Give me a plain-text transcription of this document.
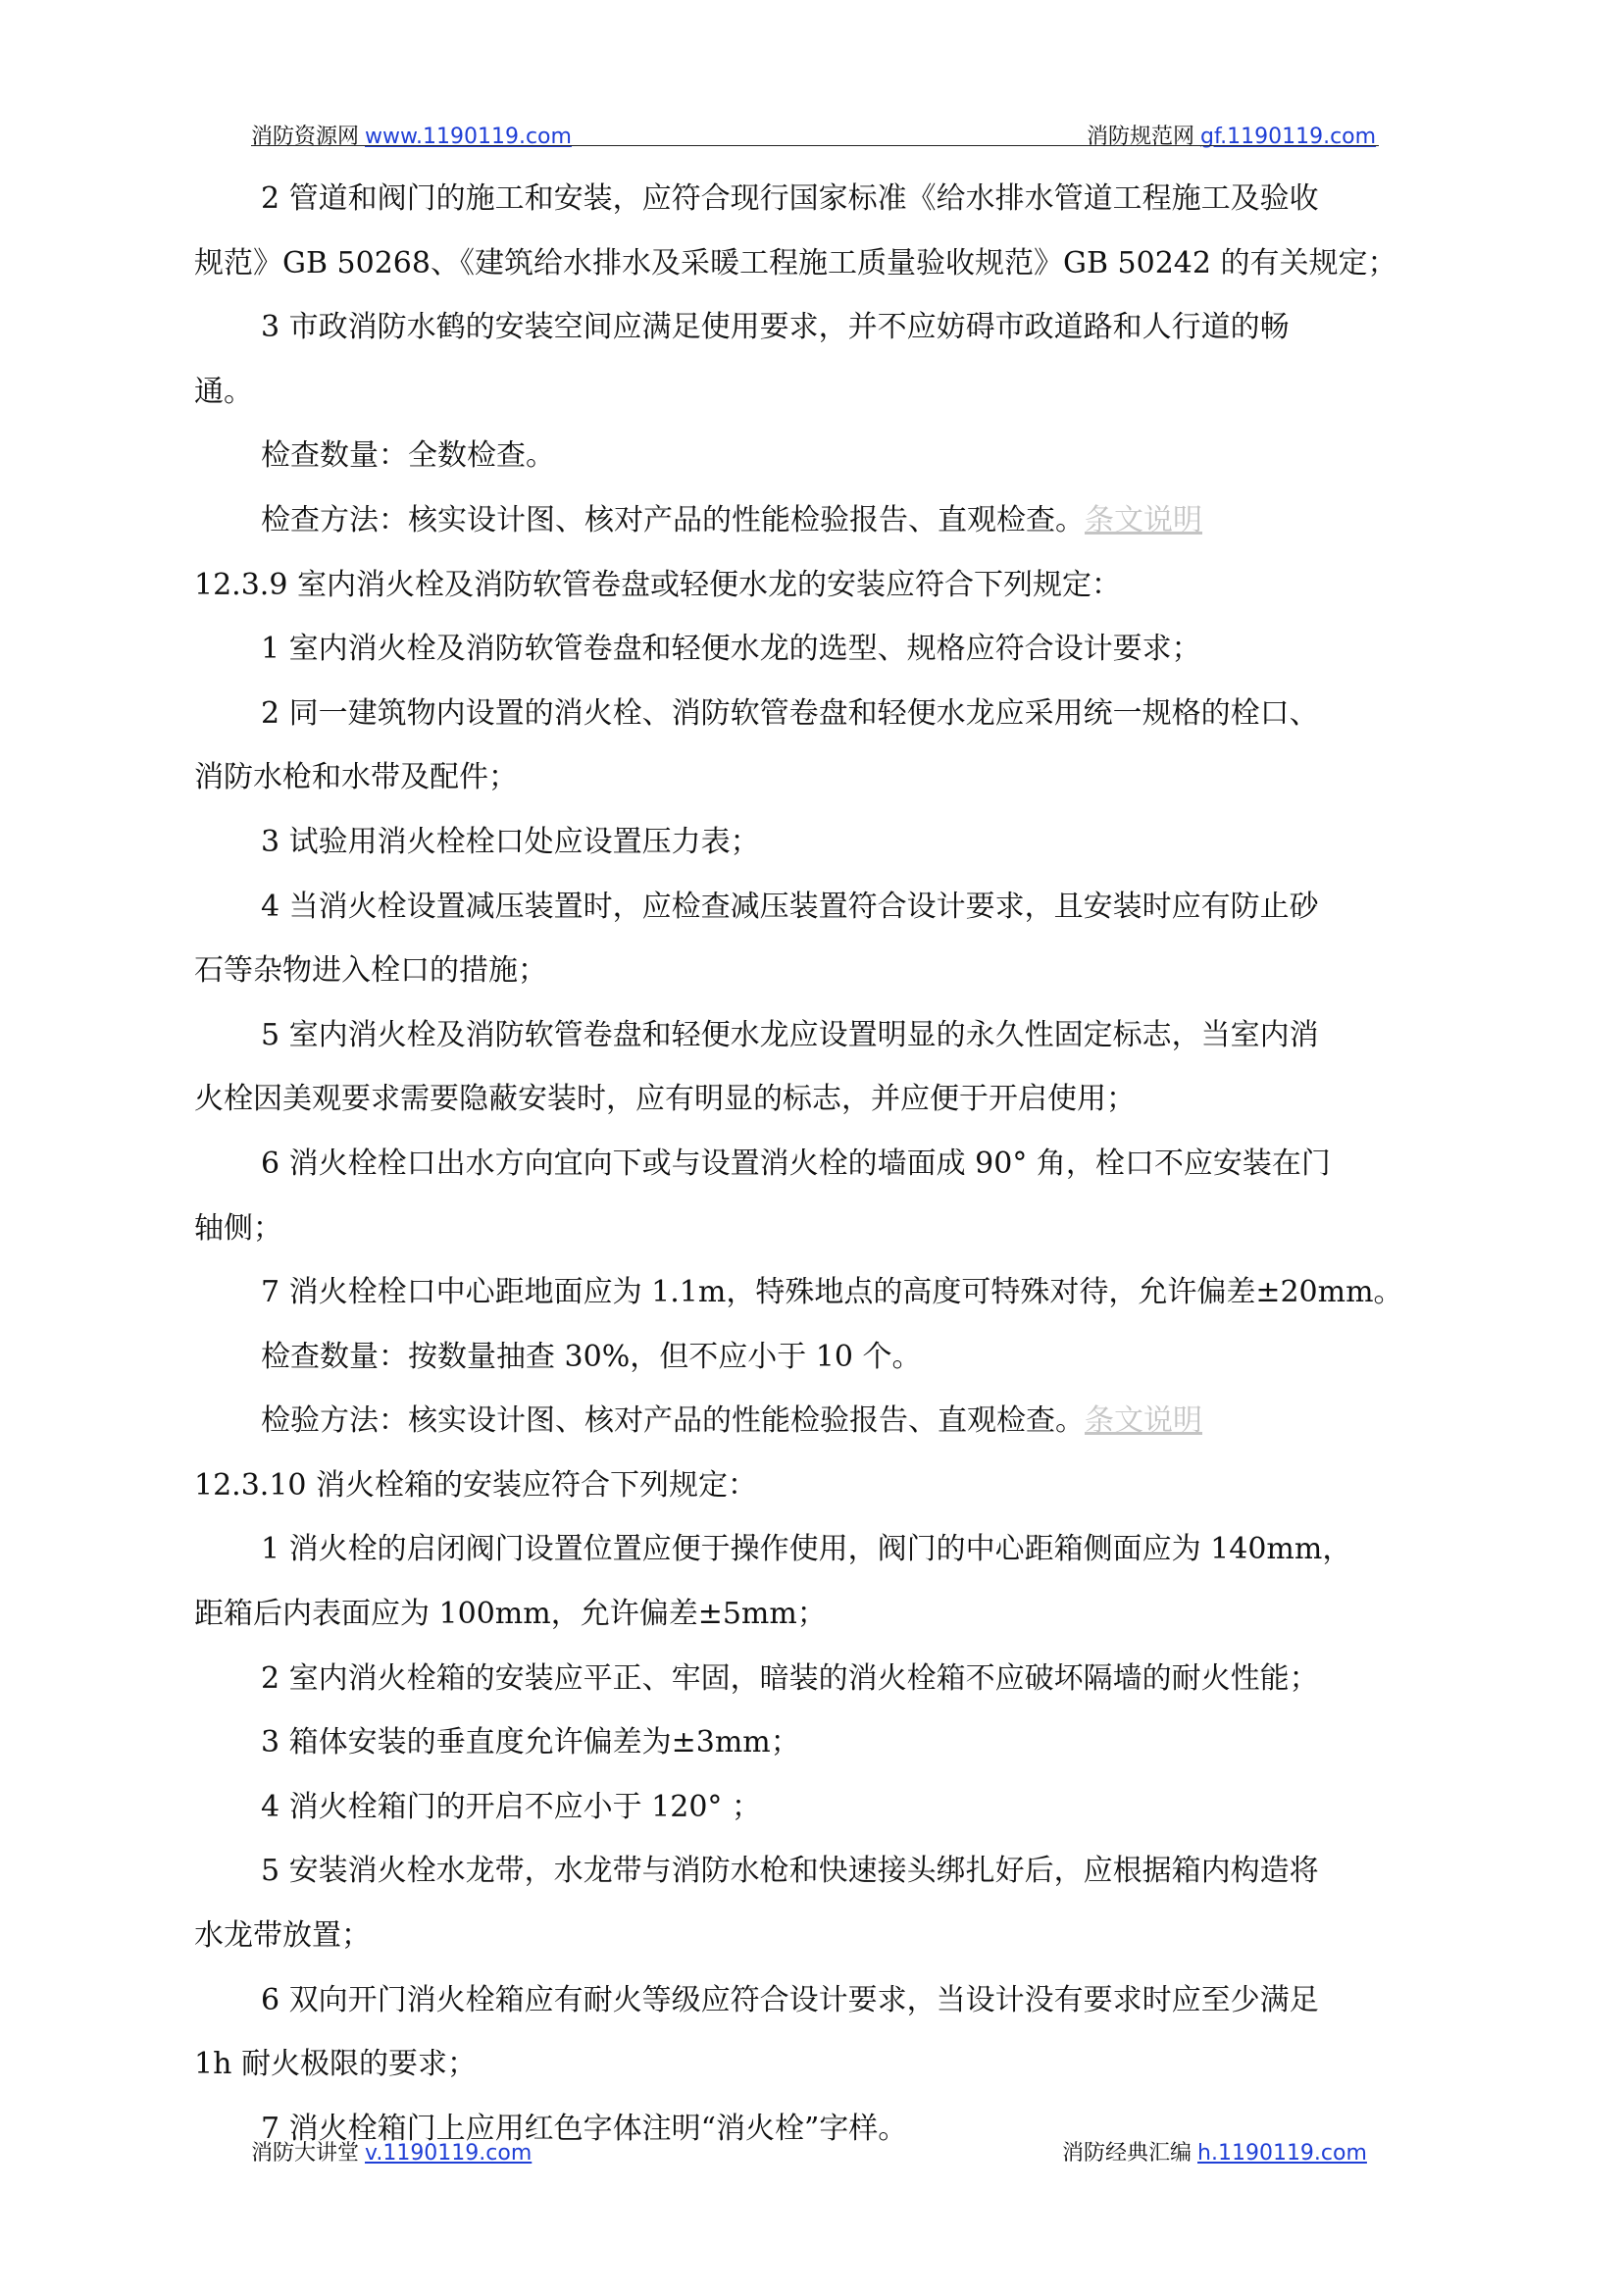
消防资源网 www.1190119.com	消防规范网 gf.1190119.com
2 管道和阀门的施工和安装，应符合现行国家标准《给水排水管道工程施工及验收
规范》GB 50268、《建筑给水排水及采暖工程施工质量验收规范》GB 50242 的有关规定；
3 市政消防水鹤的安装空间应满足使用要求，并不应妨碍市政道路和人行道的畅
通。
检查数量：全数检查。
检查方法：核实设计图、核对产品的性能检验报告、直观检查。条文说明
12.3.9 室内消火栓及消防软管卷盘或轻便水龙的安装应符合下列规定：
1 室内消火栓及消防软管卷盘和轻便水龙的选型、规格应符合设计要求；
2 同一建筑物内设置的消火栓、消防软管卷盘和轻便水龙应采用统一规格的栓口、
消防水枪和水带及配件；
3 试验用消火栓栓口处应设置压力表；
4 当消火栓设置减压装置时，应检查减压装置符合设计要求，且安装时应有防止砂
石等杂物进入栓口的措施；
5 室内消火栓及消防软管卷盘和轻便水龙应设置明显的永久性固定标志，当室内消
火栓因美观要求需要隐蔽安装时，应有明显的标志，并应便于开启使用；
6 消火栓栓口出水方向宜向下或与设置消火栓的墙面成 90° 角，栓口不应安装在门
轴侧；
7 消火栓栓口中心距地面应为 1.1m，特殊地点的高度可特殊对待，允许偏差±20mm。
检查数量：按数量抽查 30%，但不应小于 10 个。
检验方法：核实设计图、核对产品的性能检验报告、直观检查。条文说明
12.3.10 消火栓箱的安装应符合下列规定：
1 消火栓的启闭阀门设置位置应便于操作使用，阀门的中心距箱侧面应为 140mm，
距箱后内表面应为 100mm，允许偏差±5mm；
2 室内消火栓箱的安装应平正、牢固，暗装的消火栓箱不应破坏隔墙的耐火性能；
3 箱体安装的垂直度允许偏差为±3mm；
4 消火栓箱门的开启不应小于 120° ；
5 安装消火栓水龙带，水龙带与消防水枪和快速接头绑扎好后，应根据箱内构造将
水龙带放置；
6 双向开门消火栓箱应有耐火等级应符合设计要求，当设计没有要求时应至少满足
1h 耐火极限的要求；
7 消火栓箱门上应用红色字体注明“消火栓”字样。
消防大讲堂 v.1190119.com	消防经典汇编 h.1190119.com
